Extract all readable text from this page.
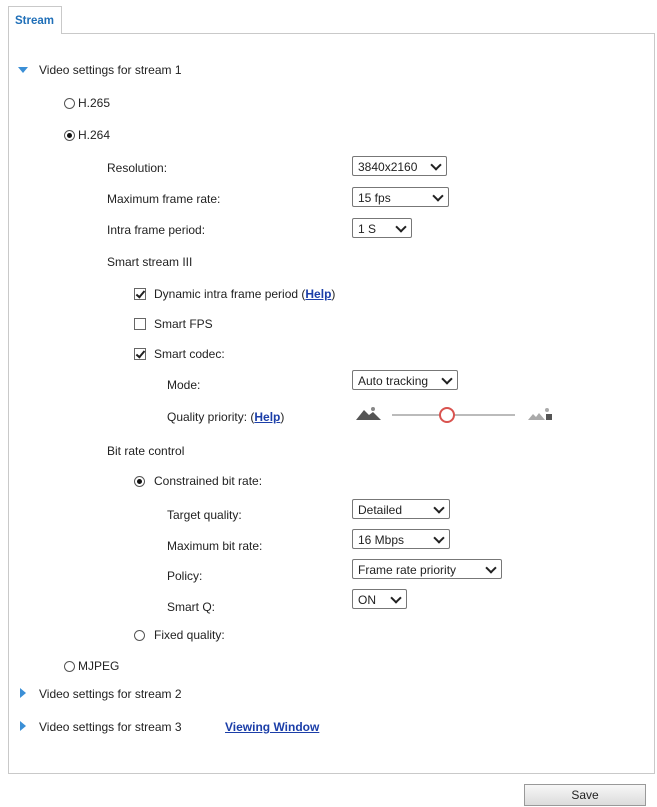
Stream
Video settings for stream 1
H.265
H.264
Resolution:	3840x2160
Maximum frame rate:	15 fps
Intra frame period:	1 S
Smart stream III
Dynamic intra frame period (Help)
Smart FPS
Smart codec:
Mode:	Auto tracking
Quality priority: (Help)
Bit rate control
Constrained bit rate:
Target quality:	Detailed
Maximum bit rate:	16 Mbps
Policy:	Frame rate priority
Smart Q:	ON
Fixed quality:
MJPEG
Video settings for stream 2
Video settings for stream 3	Viewing Window
Save
